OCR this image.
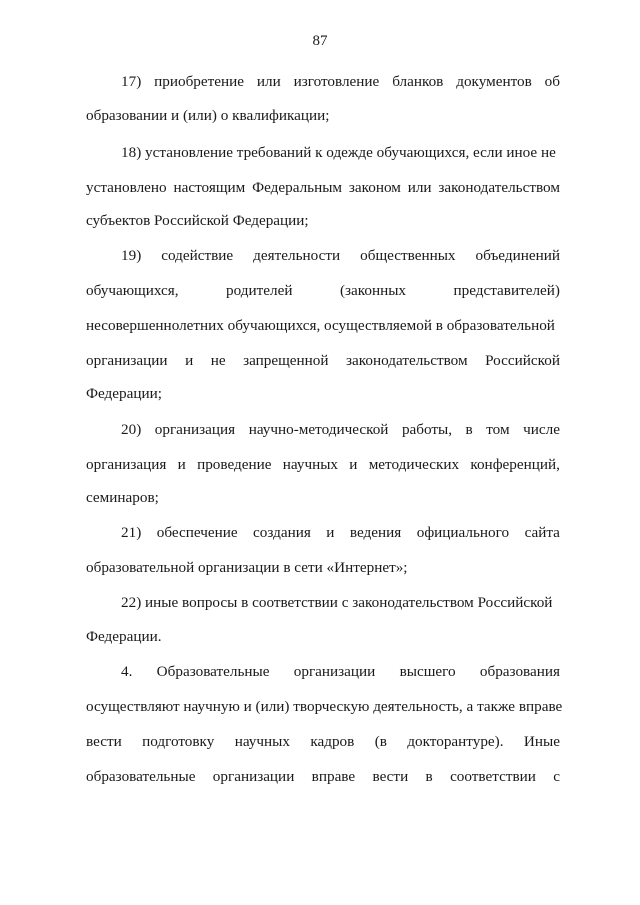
87
17) приобретение или изготовление бланков документов об
образовании и (или) о квалификации;
18) установление требований к одежде обучающихся, если иное не
установлено настоящим Федеральным законом или законодательством
субъектов Российской Федерации;
19) содействие деятельности общественных объединений
обучающихся,	родителей	(законных	представителей)
несовершеннолетних обучающихся, осуществляемой в образовательной
организации и не запрещенной законодательством Российской
Федерации;
20) организация научно-методической работы, в том числе
организация и проведение научных и методических конференций,
семинаров;
21) обеспечение создания и ведения официального сайта
образовательной организации в сети «Интернет»;
22) иные вопросы в соответствии с законодательством Российской
Федерации.
4. Образовательные организации высшего образования
осуществляют научную и (или) творческую деятельность, а также вправе
вести подготовку научных кадров (в докторантуре). Иные
образовательные организации вправе вести в соответствии с
